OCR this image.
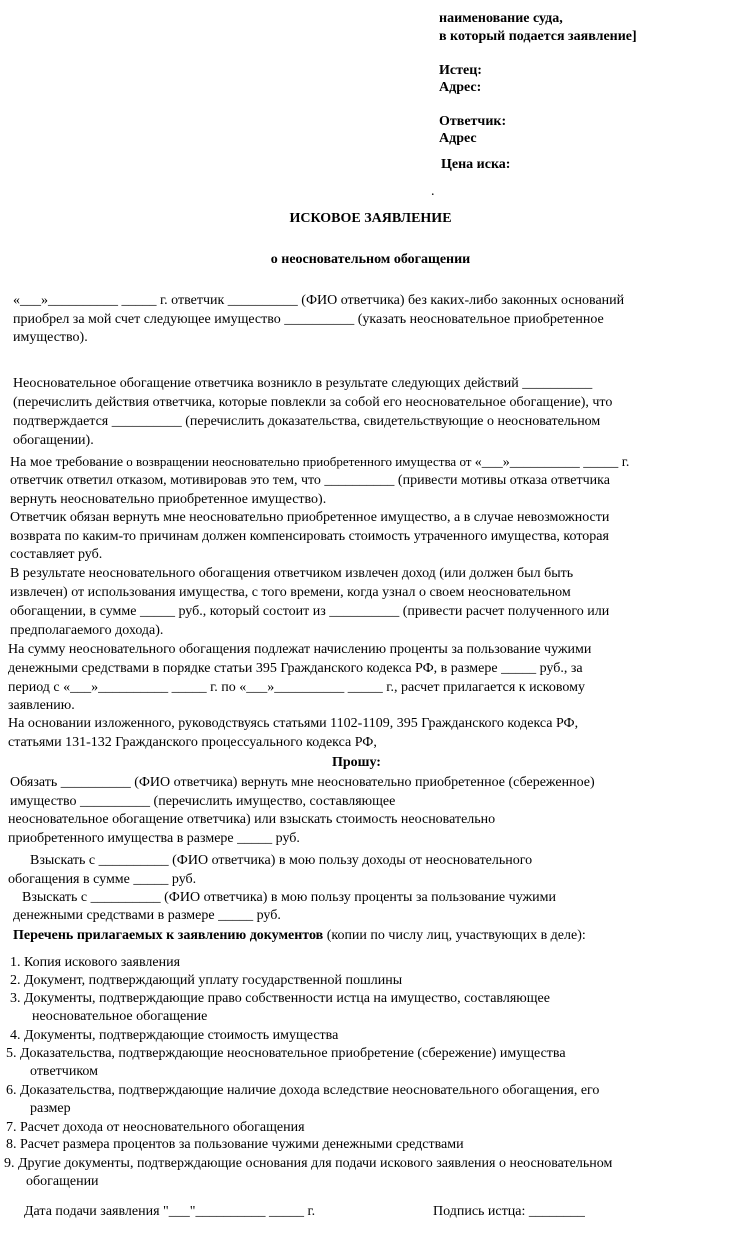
наименование суда,
в который подается заявление]
Истец:
Адрес:
Ответчик:
Адрес
Цена иска:
.
ИСКОВОЕ ЗАЯВЛЕНИЕ
о неосновательном обогащении
«___»__________ _____ г. ответчик __________ (ФИО ответчика) без каких-либо законных оснований
приобрел за мой счет следующее имущество __________ (указать неосновательное приобретенное
имущество).
Неосновательное обогащение ответчика возникло в результате следующих действий __________
(перечислить действия ответчика, которые повлекли за собой его неосновательное обогащение), что
подтверждается __________ (перечислить доказательства, свидетельствующие о неосновательном
обогащении).
На мое требование о возвращении неосновательно приобретенного имущества от «___»__________ _____ г.
ответчик ответил отказом, мотивировав это тем, что __________ (привести мотивы отказа ответчика
вернуть неосновательно приобретенное имущество).
Ответчик обязан вернуть мне неосновательно приобретенное имущество, а в случае невозможности
возврата по каким-то причинам должен компенсировать стоимость утраченного имущества, которая
составляет руб.
В результате неосновательного обогащения ответчиком извлечен доход (или должен был быть
извлечен) от использования имущества, с того времени, когда узнал о своем неосновательном
обогащении, в сумме _____ руб., который состоит из __________ (привести расчет полученного или
предполагаемого дохода).
На сумму неосновательного обогащения подлежат начислению проценты за пользование чужими
денежными средствами в порядке статьи 395 Гражданского кодекса РФ, в размере _____ руб., за
период с «___»__________ _____ г. по «___»__________ _____ г., расчет прилагается к исковому
заявлению.
На основании изложенного, руководствуясь статьями 1102-1109, 395 Гражданского кодекса РФ,
статьями 131-132 Гражданского процессуального кодекса РФ,
Прошу:
Обязать __________ (ФИО ответчика) вернуть мне неосновательно приобретенное (сбереженное)
имущество __________ (перечислить имущество, составляющее
неосновательное обогащение ответчика) или взыскать стоимость неосновательно
приобретенного имущества в размере _____ руб.
Взыскать с __________ (ФИО ответчика) в мою пользу доходы от неосновательного
обогащения в сумме _____ руб.
Взыскать с __________ (ФИО ответчика) в мою пользу проценты за пользование чужими
денежными средствами в размере _____ руб.
Перечень прилагаемых к заявлению документов (копии по числу лиц, участвующих в деле):
1. Копия искового заявления
2. Документ, подтверждающий уплату государственной пошлины
3. Документы, подтверждающие право собственности истца на имущество, составляющее
неосновательное обогащение
4. Документы, подтверждающие стоимость имущества
5. Доказательства, подтверждающие неосновательное приобретение (сбережение) имущества
ответчиком
6. Доказательства, подтверждающие наличие дохода вследствие неосновательного обогащения, его
размер
7. Расчет дохода от неосновательного обогащения
8. Расчет размера процентов за пользование чужими денежными средствами
9. Другие документы, подтверждающие основания для подачи искового заявления о неосновательном
обогащении
Дата подачи заявления "___"__________ _____ г.	Подпись истца: ________
